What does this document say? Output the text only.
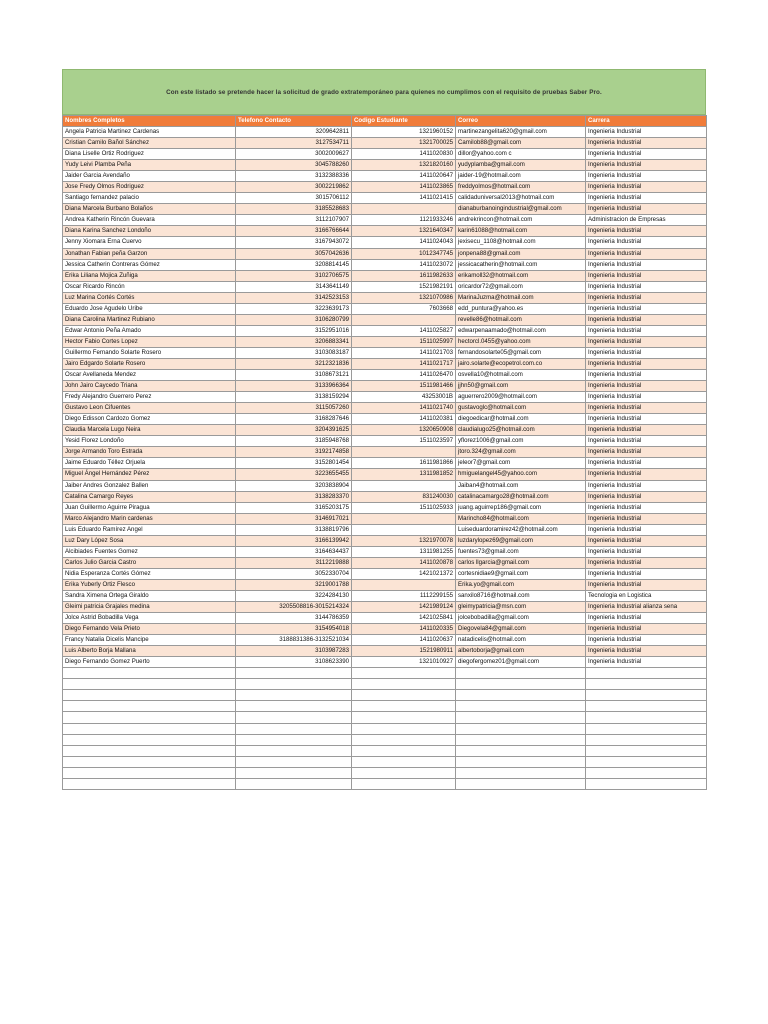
Con este listado se pretende hacer la solicitud de grado extratemporáneo para quienes no cumplimos con el requisito de pruebas Saber Pro.
Nombres Completos	Telefono Contacto	Codigo Estudiante	Correo	Carrera
Angela Patricia Martinez Cardenas	3209642811	1321960152	martinezangelita620@gmail.com	Ingenieria Industrial
Cristian Camilo Bañol Sánchez	3127534711	1321700025	Camilob88@gmail.com	Ingenieria Industrial
Diana Liselle Ortiz Rodriguez	3002009627	1411020830	dillor@yahoo.com c	Ingenieria Industrial
Yudy Leivi Plamba Peña	3045788260	1321820160	yudyplamba@gmail.com	Ingenieria Industrial
Jaider Garcia Avendaño	3132388336	1411020647	jaider-19@hotmail.com	Ingenieria Industrial
Jose Fredy Olmos Rodriguez	3002219862	1411023865	freddyolmos@hotmail.com	Ingenieria Industrial
Santiago fernandez palacio	3015706112	1411021415	calidaduniversal2013@hotmail.com	Ingenieria Industrial
Diana Marcela Burbano Bolaños	3185528683		dianaburbanoingindustrial@gmail.com	Ingenieria Industrial
Andrea Katherin Rincón Guevara	3112107907	1121933246	andrekrincon@hotmail.com	Administracion de Empresas
Diana Karina Sanchez Londoño	3166766644	1321640347	karin61088@hotmail.com	Ingenieria Industrial
Jenny Xiomara Erna Cuervo	3167943072	1411024043	jexisecu_1108@hotmail.com	Ingenieria Industrial
Jonathan Fabian peña Garzon	3057042636	1012347745	jonpena88@gmail.com	Ingenieria Industrial
Jessica Catherin Contreras Gómez	3208814145	1411023072	jessicacatherin@hotmail.com	Ingenieria Industrial
Erika Liliana Mojica Zuñiga	3102706575	1611982633	erikamoll32@hotmail.com	Ingenieria Industrial
Oscar Ricardo Rincón	3143641149	1521982191	oricardor72@gmail.com	Ingenieria Industrial
Luz Marina Cortés Cortés	3142523153	1321070986	MarinaJuzma@hotmail.com	Ingenieria Industrial
Eduardo Jose Agudelo Uribe	3223639173	7603668	edd_puntura@yahoo.es	Ingenieria Industrial
Diana Carolina Martinez Rubiano	3106280799		revelle86@hotmail.com	Ingenieria Industrial
Edwar Antonio Peña Amado	3152951016	1411025827	edwarpenaamado@hotmail.com	Ingenieria Industrial
Hector Fabio Cortes Lopez	3206883341	1511025997	hectorcl.0455@yahoo.com	Ingenieria Industrial
Guillermo Fernando Solarte Rosero	3103083187	1411021703	fernandosolarte05@gmail.com	Ingenieria Industrial
Jairo Edgardo Solarte Rosero	3212321836	1411021717	jairo.solarte@ecopetrol.com.co	Ingenieria Industrial
Oscar Avellaneda Mendez	3108673121	1411026470	osvella10@hotmail.com	Ingenieria Industrial
John Jairo Caycedo Triana	3133966364	1511981466	jjhn50@gmail.com	Ingenieria Industrial
Fredy Alejandro Guerrero Perez	3138159294	43253001B	aguerrero2009@hotmail.com	Ingenieria Industrial
Gustavo Leon Cifuentes	3115057260	1411021740	gustavoglc@hotmail.com	Ingenieria Industrial
Diego Edisson Cardozo Gomez	3168287646	1411020381	diegoedicar@hotmail.com	Ingenieria Industrial
Claudia Marcela Lugo Neira	3204391625	1320650908	claudialugo25@hotmail.com	Ingenieria Industrial
Yesid Florez Londoño	3185948768	1511023597	yflorez1006@gmail.com	Ingenieria Industrial
Jorge Armando Toro Estrada	3192174858		jtoro.324@gmail.com	Ingenieria Industrial
Jaime Eduardo Téllez Orjuela	3152801454	1611981866	jeleor7@gmail.com	Ingenieria Industrial
Miguel Ángel Hernández Pérez	3223655455	1311981852	hmiguelangel45@yahoo.com	Ingenieria Industrial
Jaiber Andres Gonzalez Ballen	3203838904		Jaiban4@hotmail.com	Ingenieria Industrial
Catalina Camargo Reyes	3138283370	831240030	catalinacamargo28@hotmail.com	Ingenieria Industrial
Juan Guillermo Aguirre Piragua	3165203175	1511025933	juang.aguirrep186@gmail.com	Ingenieria Industrial
Marco Alejandro Marin cardenas	3146917021		Marincho84@hotmail.com	Ingenieria Industrial
Luis Eduardo Ramírez Angel	3138819796		Luiseduardoramirez42@hotmail.com	Ingenieria Industrial
Luz Dary López Sosa	3166139942	1321970078	luzdarylopez69@gmail.com	Ingenieria Industrial
Alcibiades Fuentes Gomez	3164634437	1311981255	fuentes73@gmail.com	Ingenieria Industrial
Carlos Julio Garcia Castro	3112219888	1411020878	carlos llgarcia@gmail.com	Ingenieria Industrial
Nidia Esperanza Cortés Gómez	3052330704	1421021372	cortesnidiae9@gmail.com	Ingenieria Industrial
Erika Yuberly Ortiz Flesco	3219001788		Erika.yo@gmail.com	Ingenieria Industrial
Sandra Ximena Ortega Giraldo	3224284130	1112299155	sanxilo8716@hotmail.com	Tecnologia en Logistica
Gleimi patricia Grajales medina	3205508816-3015214324	1421989124	gleimypatricia@msn.com	Ingenieria Industrial alianza sena
Jolce Astrid Bobadilla Vega	3144786359	1421025841	jolcebobadilla@gmail.com	Ingenieria Industrial
Diego Fernando Vela Prieto	3154954018	1411020335	Diegovela84@gmail.com	Ingenieria Industrial
Francy Natalia Dicelis Mancipe	3188831386-3132521034	1411020637	natadicelis@hotmail.com	Ingenieria Industrial
Luis Alberto Borja Mallana	3103987283	1521980911	albertoborja@gmail.com	Ingenieria Industrial
Diego Fernando Gomez Puerto	3108623390	1321010927	diegofergomez01@gmail.com	Ingenieria Industrial
